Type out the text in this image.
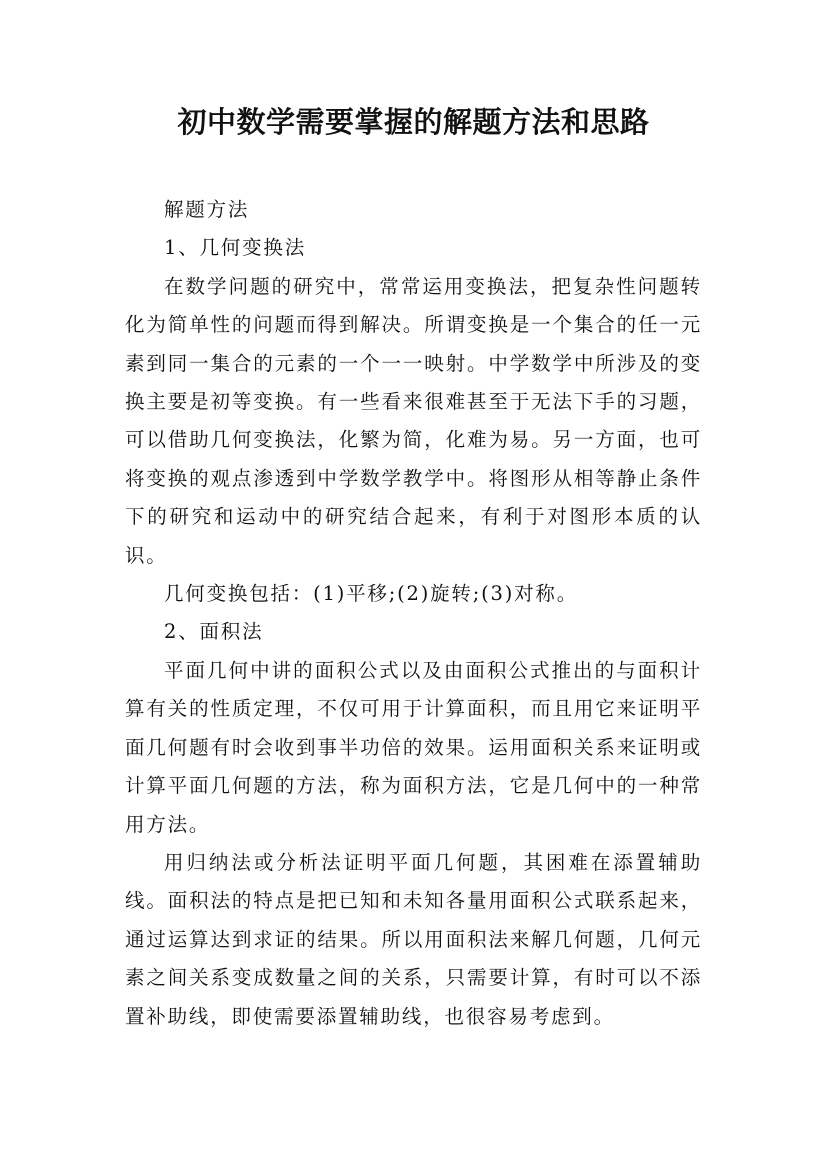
初中数学需要掌握的解题方法和思路

解题方法

1、几何变换法

在数学问题的研究中，常常运用变换法，把复杂性问题转化为简单性的问题而得到解决。所谓变换是一个集合的任一元素到同一集合的元素的一个一一映射。中学数学中所涉及的变换主要是初等变换。有一些看来很难甚至于无法下手的习题，可以借助几何变换法，化繁为简，化难为易。另一方面，也可将变换的观点渗透到中学数学教学中。将图形从相等静止条件下的研究和运动中的研究结合起来，有利于对图形本质的认识。

几何变换包括：(1)平移;(2)旋转;(3)对称。

2、面积法

平面几何中讲的面积公式以及由面积公式推出的与面积计算有关的性质定理，不仅可用于计算面积，而且用它来证明平面几何题有时会收到事半功倍的效果。运用面积关系来证明或计算平面几何题的方法，称为面积方法，它是几何中的一种常用方法。

用归纳法或分析法证明平面几何题，其困难在添置辅助线。面积法的特点是把已知和未知各量用面积公式联系起来，通过运算达到求证的结果。所以用面积法来解几何题，几何元素之间关系变成数量之间的关系，只需要计算，有时可以不添置补助线，即使需要添置辅助线，也很容易考虑到。
